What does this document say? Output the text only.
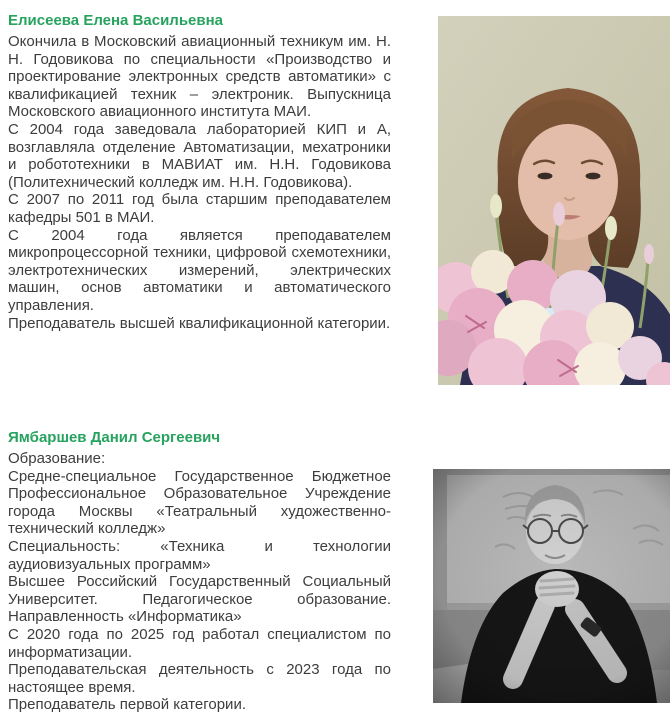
Елисеева Елена Васильевна
Окончила в Московский авиационный техникум им. Н. Н. Годовикова по специальности «Производство и проектирование электронных средств автоматики» с квалификацией техник – электроник. Выпускница Московского авиационного института МАИ.
С 2004 года заведовала лабораторией КИП и А, возглавляла отделение Автоматизации, мехатроники и робототехники в МАВИАТ им. Н.Н. Годовикова (Политехнический колледж им. Н.Н. Годовикова).
С 2007 по 2011 год была старшим преподавателем кафедры 501 в МАИ.
С 2004 года является преподавателем микропроцессорной техники, цифровой схемотехники, электротехнических измерений, электрических машин, основ автоматики и автоматического управления.
Преподаватель высшей квалификационной категории.
Ямбаршев Данил Сергеевич
Образование:
Средне-специальное Государственное Бюджетное Профессиональное Образовательное Учреждение города Москвы «Театральный художественно-технический колледж»
Специальность: «Техника и технологии аудиовизуальных программ»
Высшее Российский Государственный Социальный Университет. Педагогическое образование. Направленность «Информатика»
С 2020 года по 2025 год работал специалистом по информатизации.
Преподавательская деятельность с 2023 года по настоящее время.
Преподаватель первой категории.
